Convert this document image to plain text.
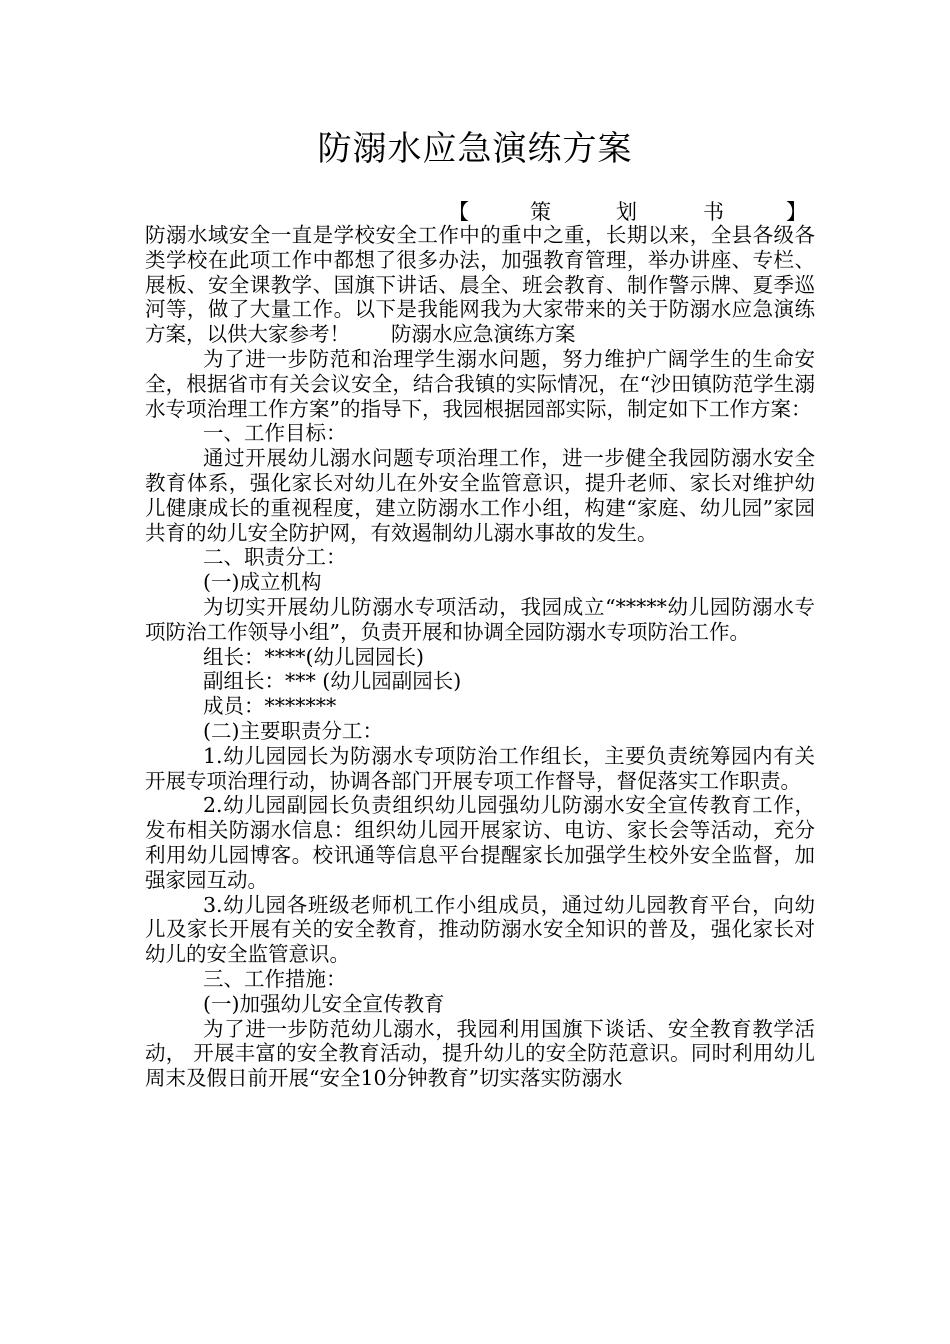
防溺水应急演练方案
【	策	划	书	】

防溺水域安全一直是学校安全工作中的重中之重，长期以来，全县各级各类学校在此项工作中都想了很多办法，加强教育管理，举办讲座、专栏、展板、安全课教学、国旗下讲话、晨全、班会教育、制作警示牌、夏季巡河等，做了大量工作。以下是我能网我为大家带来的关于防溺水应急演练方案，以供大家参考！　　防溺水应急演练方案

为了进一步防范和治理学生溺水问题，努力维护广阔学生的生命安全，根据省市有关会议安全，结合我镇的实际情况，在“沙田镇防范学生溺水专项治理工作方案”的指导下，我园根据园部实际，制定如下工作方案：

一、工作目标：

通过开展幼儿溺水问题专项治理工作，进一步健全我园防溺水安全教育体系，强化家长对幼儿在外安全监管意识，提升老师、家长对维护幼儿健康成长的重视程度，建立防溺水工作小组，构建“家庭、幼儿园”家园共育的幼儿安全防护网，有效遏制幼儿溺水事故的发生。

二、职责分工：

(一)成立机构

为切实开展幼儿防溺水专项活动，我园成立“*****幼儿园防溺水专项防治工作领导小组”，负责开展和协调全园防溺水专项防治工作。

组长：****(幼儿园园长)

副组长：*** (幼儿园副园长)

成员：*******

(二)主要职责分工：

1.幼儿园园长为防溺水专项防治工作组长，主要负责统筹园内有关开展专项治理行动，协调各部门开展专项工作督导，督促落实工作职责。

2.幼儿园副园长负责组织幼儿园强幼儿防溺水安全宣传教育工作，发布相关防溺水信息：组织幼儿园开展家访、电访、家长会等活动，充分利用幼儿园博客。校讯通等信息平台提醒家长加强学生校外安全监督，加强家园互动。

3.幼儿园各班级老师机工作小组成员，通过幼儿园教育平台，向幼儿及家长开展有关的安全教育，推动防溺水安全知识的普及，强化家长对幼儿的安全监管意识。

三、工作措施：

(一)加强幼儿安全宣传教育

为了进一步防范幼儿溺水，我园利用国旗下谈话、安全教育教学活动， 开展丰富的安全教育活动，提升幼儿的安全防范意识。同时利用幼儿周末及假日前开展“安全10分钟教育”切实落实防溺水
